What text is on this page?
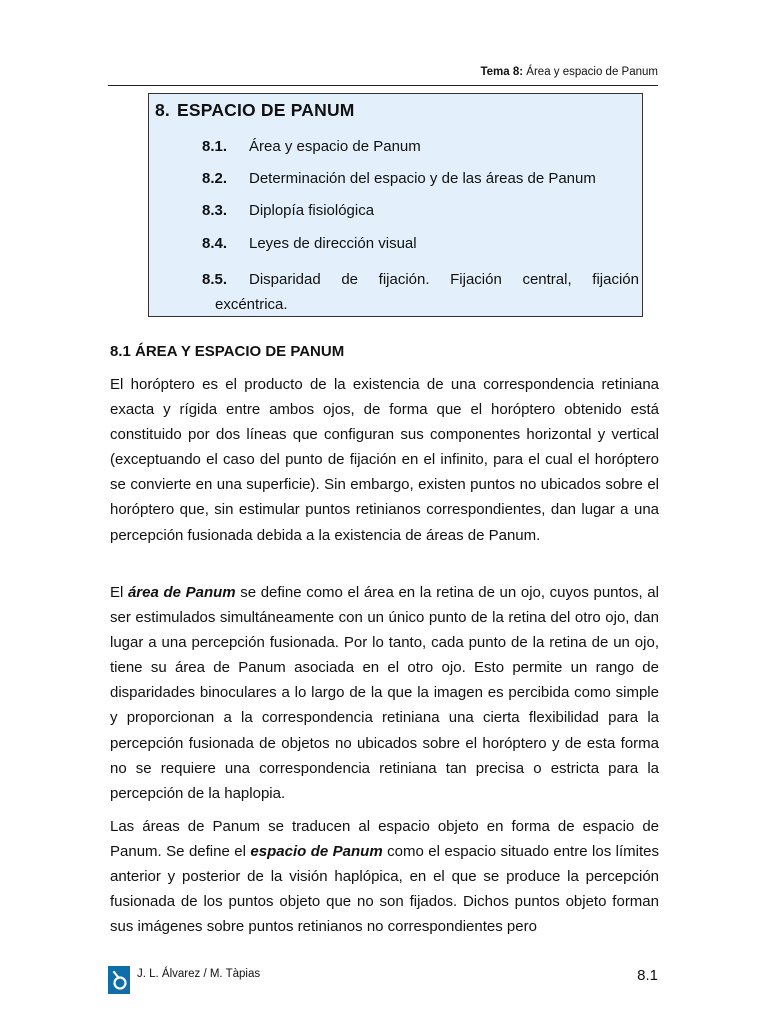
Tema 8: Área y espacio de Panum
8. ESPACIO DE PANUM
8.1. Área y espacio de Panum
8.2. Determinación del espacio y de las áreas de Panum
8.3. Diplopía fisiológica
8.4. Leyes de dirección visual
8.5. Disparidad de fijación. Fijación central, fijación
excéntrica.
8.1 ÁREA Y ESPACIO DE PANUM

El horóptero es el producto de la existencia de una correspondencia retiniana exacta y rígida entre ambos ojos, de forma que el horóptero obtenido está constituido por dos líneas que configuran sus componentes horizontal y vertical (exceptuando el caso del punto de fijación en el infinito, para el cual el horóptero se convierte en una superficie). Sin embargo, existen puntos no ubicados sobre el horóptero que, sin estimular puntos retinianos correspondientes, dan lugar a una percepción fusionada debida a la existencia de áreas de Panum.

El área de Panum se define como el área en la retina de un ojo, cuyos puntos, al ser estimulados simultáneamente con un único punto de la retina del otro ojo, dan lugar a una percepción fusionada. Por lo tanto, cada punto de la retina de un ojo, tiene su área de Panum asociada en el otro ojo. Esto permite un rango de disparidades binoculares a lo largo de la que la imagen es percibida como simple y proporcionan a la correspondencia retiniana una cierta flexibilidad para la percepción fusionada de objetos no ubicados sobre el horóptero y de esta forma no se requiere una correspondencia retiniana tan precisa o estricta para la percepción de la haplopia.

Las áreas de Panum se traducen al espacio objeto en forma de espacio de Panum. Se define el espacio de Panum como el espacio situado entre los límites anterior y posterior de la visión haplópica, en el que se produce la percepción fusionada de los puntos objeto que no son fijados. Dichos puntos objeto forman sus imágenes sobre puntos retinianos no correspondientes pero

J. L. Álvarez / M. Tàpias	8.1
